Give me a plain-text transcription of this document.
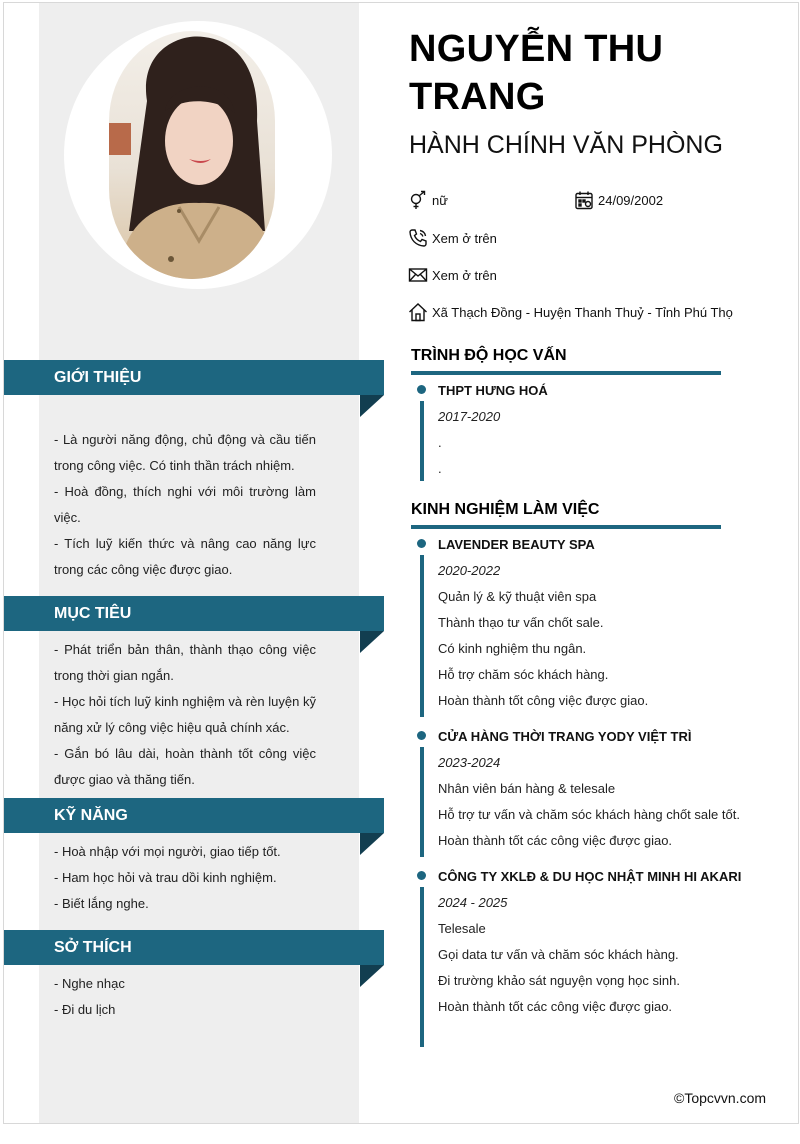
NGUYỄN THU TRANG
HÀNH CHÍNH VĂN PHÒNG
nữ	24/09/2002
Xem ở trên
Xem ở trên
Xã Thạch Đồng - Huyện Thanh Thuỷ - Tỉnh Phú Thọ
GIỚI THIỆU

- Là người năng động, chủ động và cầu tiến trong công việc. Có tinh thần trách nhiệm.

- Hoà đồng, thích nghi với môi trường làm việc.

- Tích luỹ kiến thức và nâng cao năng lực trong các công việc được giao.

MỤC TIÊU

- Phát triển bản thân, thành thạo công việc trong thời gian ngắn.

- Học hỏi tích luỹ kinh nghiệm và rèn luyện kỹ năng xử lý công việc hiệu quả chính xác.

- Gắn bó lâu dài, hoàn thành tốt công việc được giao và thăng tiến.

KỸ NĂNG

- Hoà nhập với mọi người, giao tiếp tốt.

- Ham học hỏi và trau dồi kinh nghiệm.

- Biết lắng nghe.

SỞ THÍCH

- Nghe nhạc

- Đi du lịch

TRÌNH ĐỘ HỌC VẤN

THPT HƯNG HOÁ

2017-2020

.

.

KINH NGHIỆM LÀM VIỆC

LAVENDER BEAUTY SPA

2020-2022

Quản lý & kỹ thuật viên spa

Thành thạo tư vấn chốt sale.

Có kinh nghiệm thu ngân.

Hỗ trợ chăm sóc khách hàng.

Hoàn thành tốt công việc được giao.

CỬA HÀNG THỜI TRANG YODY VIỆT TRÌ

2023-2024

Nhân viên bán hàng & telesale

Hỗ trợ tư vấn và chăm sóc khách hàng chốt sale tốt.

Hoàn thành tốt các công việc được giao.

CÔNG TY XKLĐ & DU HỌC NHẬT MINH HI AKARI

2024 - 2025

Telesale

Gọi data tư vấn và chăm sóc khách hàng.

Đi trường khảo sát nguyện vọng học sinh.

Hoàn thành tốt các công việc được giao.

©Topcvvn.com
